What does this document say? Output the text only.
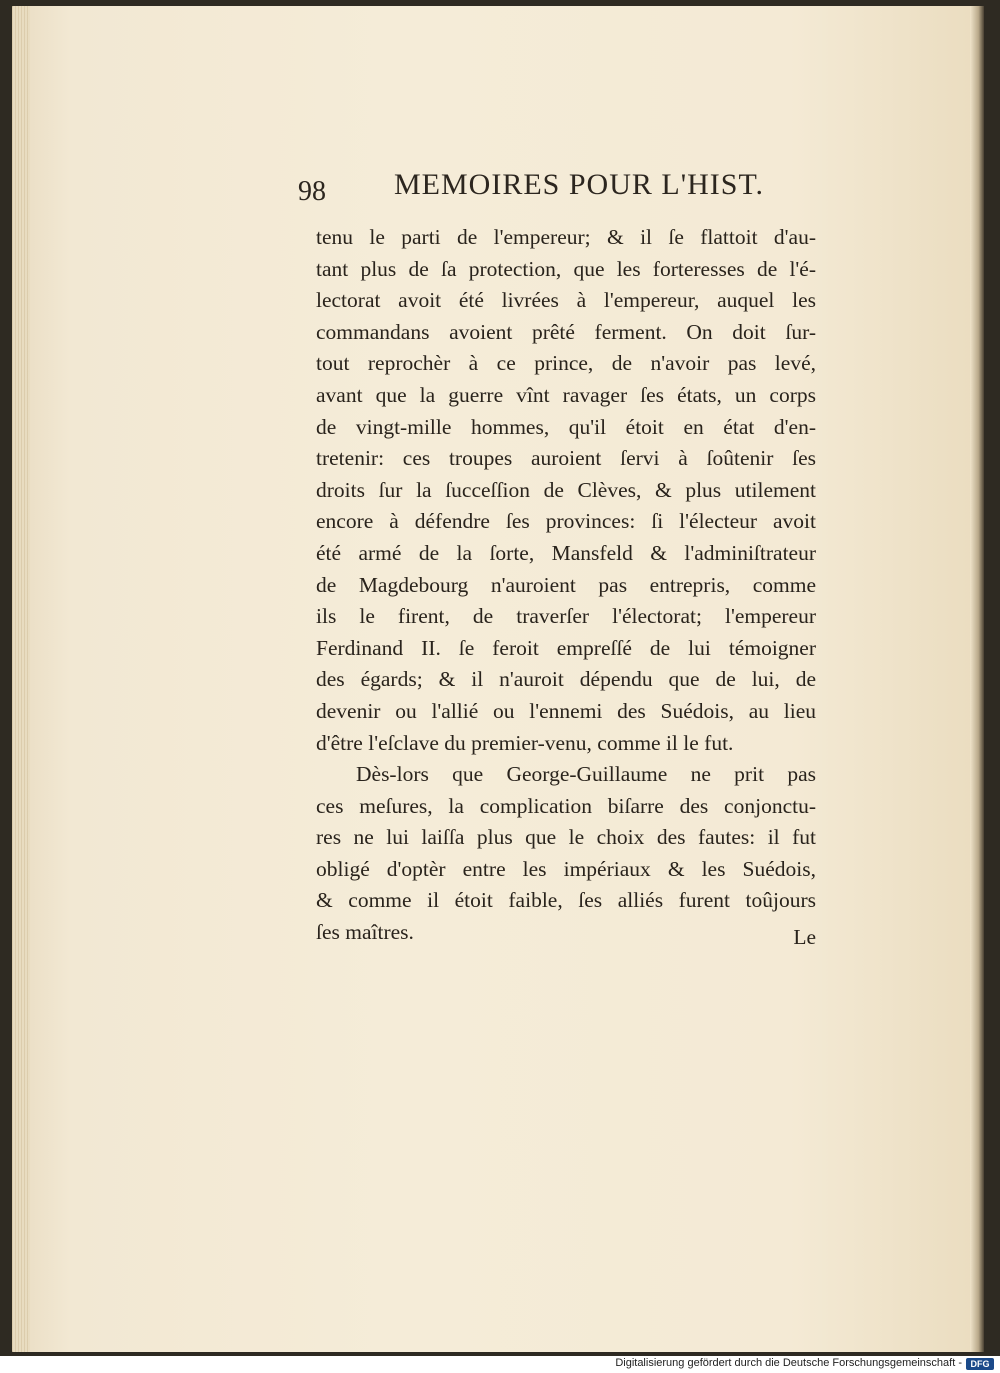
98 MEMOIRES POUR L'HIST.
tenu le parti de l'empereur; & il ſe flattoit d'au-
tant plus de ſa protection, que les forteresses de l'é-
lectorat avoit été livrées à l'empereur, auquel les
commandans avoient prêté ferment. On doit ſur-
tout reprochèr à ce prince, de n'avoir pas levé,
avant que la guerre vînt ravager ſes états, un corps
de vingt-mille hommes, qu'il étoit en état d'en-
tretenir: ces troupes auroient ſervi à ſoûtenir ſes
droits ſur la ſucceſſion de Clèves, & plus utilement
encore à défendre ſes provinces: ſi l'électeur avoit
été armé de la ſorte, Mansfeld & l'adminiſtrateur
de Magdebourg n'auroient pas entrepris, comme
ils le firent, de traverſer l'électorat; l'empereur
Ferdinand II. ſe feroit empreſſé de lui témoigner
des égards; & il n'auroit dépendu que de lui, de
devenir ou l'allié ou l'ennemi des Suédois, au lieu
d'être l'eſclave du premier-venu, comme il le fut.
Dès-lors que George-Guillaume ne prit pas
ces meſures, la complication biſarre des conjonctu-
res ne lui laiſſa plus que le choix des fautes: il fut
obligé d'optèr entre les impériaux & les Suédois,
& comme il étoit faible, ſes alliés furent toûjours
ſes maîtres.	Le
Digitalisierung gefördert durch die Deutsche Forschungsgemeinschaft - DFG
